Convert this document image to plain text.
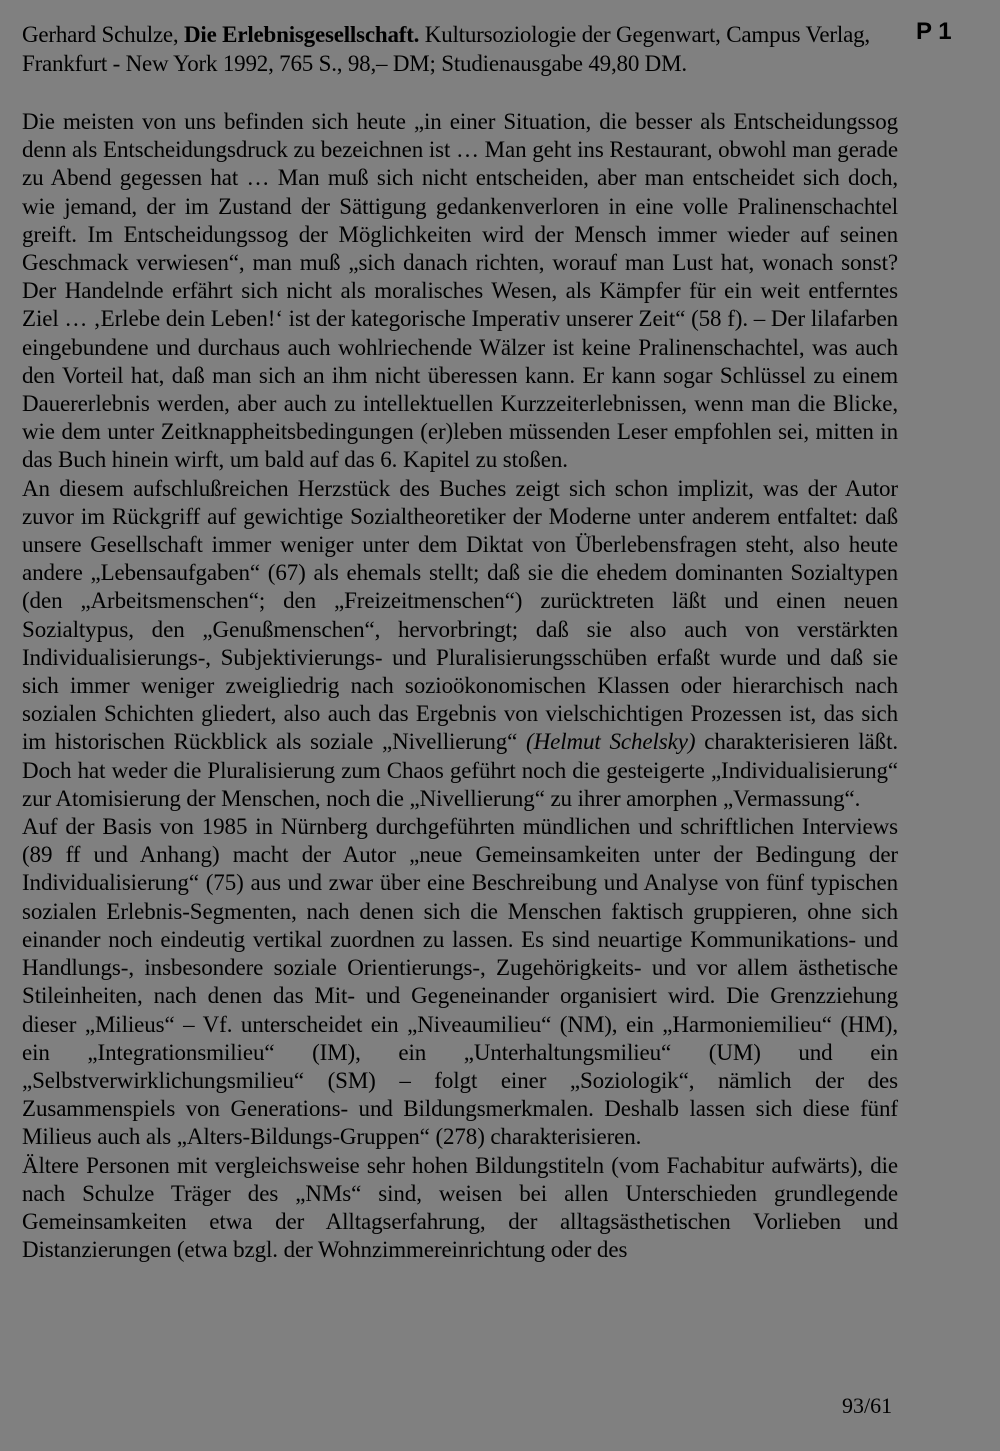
Gerhard Schulze, Die Erlebnisgesellschaft. Kultursoziologie der Gegenwart, Campus Verlag, Frankfurt - New York 1992, 765 S., 98,– DM; Studienausgabe 49,80 DM.
P 1

Die meisten von uns befinden sich heute „in einer Situation, die besser als Entscheidungssog denn als Entscheidungsdruck zu bezeichnen ist … Man geht ins Restaurant, obwohl man gerade zu Abend gegessen hat … Man muß sich nicht entscheiden, aber man entscheidet sich doch, wie jemand, der im Zustand der Sättigung gedankenverloren in eine volle Pralinenschachtel greift. Im Entscheidungssog der Möglichkeiten wird der Mensch immer wieder auf seinen Geschmack verwiesen“, man muß „sich danach richten, worauf man Lust hat, wonach sonst? Der Handelnde erfährt sich nicht als moralisches Wesen, als Kämpfer für ein weit entferntes Ziel … ‚Erlebe dein Leben!‘ ist der kategorische Imperativ unserer Zeit“ (58 f). – Der lilafarben eingebundene und durchaus auch wohlriechende Wälzer ist keine Pralinenschachtel, was auch den Vorteil hat, daß man sich an ihm nicht überessen kann. Er kann sogar Schlüssel zu einem Dauererlebnis werden, aber auch zu intellektuellen Kurzzeiterlebnissen, wenn man die Blicke, wie dem unter Zeitknappheitsbedingungen (er)leben müssenden Leser empfohlen sei, mitten in das Buch hinein wirft, um bald auf das 6. Kapitel zu stoßen.

An diesem aufschlußreichen Herzstück des Buches zeigt sich schon implizit, was der Autor zuvor im Rückgriff auf gewichtige Sozialtheoretiker der Moderne unter anderem entfaltet: daß unsere Gesellschaft immer weniger unter dem Diktat von Überlebensfragen steht, also heute andere „Lebensaufgaben“ (67) als ehemals stellt; daß sie die ehedem dominanten Sozialtypen (den „Arbeitsmenschen“; den „Freizeitmenschen“) zurücktreten läßt und einen neuen Sozialtypus, den „Genußmenschen“, hervorbringt; daß sie also auch von verstärkten Individualisierungs-, Subjektivierungs- und Pluralisierungsschüben erfaßt wurde und daß sie sich immer weniger zweigliedrig nach sozioökonomischen Klassen oder hierarchisch nach sozialen Schichten gliedert, also auch das Ergebnis von vielschichtigen Prozessen ist, das sich im historischen Rückblick als soziale „Nivellierung“ (Helmut Schelsky) charakterisieren läßt. Doch hat weder die Pluralisierung zum Chaos geführt noch die gesteigerte „Individualisierung“ zur Atomisierung der Menschen, noch die „Nivellierung“ zu ihrer amorphen „Vermassung“.

Auf der Basis von 1985 in Nürnberg durchgeführten mündlichen und schriftlichen Interviews (89 ff und Anhang) macht der Autor „neue Gemeinsamkeiten unter der Bedingung der Individualisierung“ (75) aus und zwar über eine Beschreibung und Analyse von fünf typischen sozialen Erlebnis-Segmenten, nach denen sich die Menschen faktisch gruppieren, ohne sich einander noch eindeutig vertikal zuordnen zu lassen. Es sind neuartige Kommunikations- und Handlungs-, insbesondere soziale Orientierungs-, Zugehörigkeits- und vor allem ästhetische Stileinheiten, nach denen das Mit- und Gegeneinander organisiert wird. Die Grenzziehung dieser „Milieus“ – Vf. unterscheidet ein „Niveaumilieu“ (NM), ein „Harmoniemilieu“ (HM), ein „Integrationsmilieu“ (IM), ein „Unterhaltungsmilieu“ (UM) und ein „Selbstverwirklichungsmilieu“ (SM) – folgt einer „Soziologik“, nämlich der des Zusammenspiels von Generations- und Bildungsmerkmalen. Deshalb lassen sich diese fünf Milieus auch als „Alters-Bildungs-Gruppen“ (278) charakterisieren.

Ältere Personen mit vergleichsweise sehr hohen Bildungstiteln (vom Fachabitur aufwärts), die nach Schulze Träger des „NMs“ sind, weisen bei allen Unterschieden grundlegende Gemeinsamkeiten etwa der Alltagserfahrung, der alltagsästhetischen Vorlieben und Distanzierungen (etwa bzgl. der Wohnzimmereinrichtung oder des

93/61
